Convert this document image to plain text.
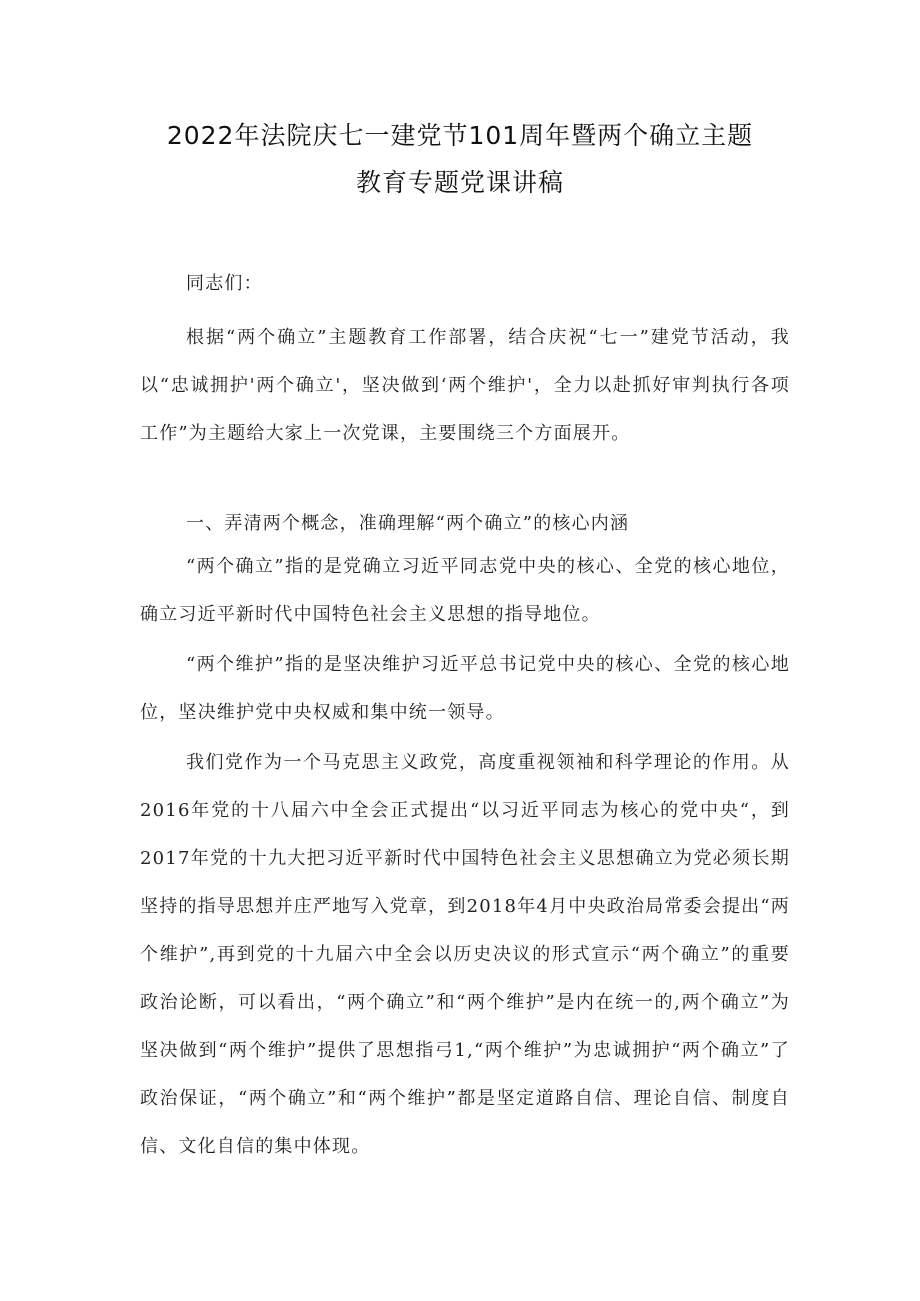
2022年法院庆七一建党节101周年暨两个确立主题
教育专题党课讲稿
同志们：
根据“两个确立”主题教育工作部署，结合庆祝“七一”建党节活动，我以“忠诚拥护'两个确立'，坚决做到‘两个维护'，全力以赴抓好审判执行各项工作”为主题给大家上一次党课，主要围绕三个方面展开。
一、弄清两个概念，准确理解“两个确立”的核心内涵
“两个确立”指的是党确立习近平同志党中央的核心、全党的核心地位，确立习近平新时代中国特色社会主义思想的指导地位。
“两个维护”指的是坚决维护习近平总书记党中央的核心、全党的核心地位，坚决维护党中央权威和集中统一领导。
我们党作为一个马克思主义政党，高度重视领袖和科学理论的作用。从2016年党的十八届六中全会正式提出“以习近平同志为核心的党中央“，到2017年党的十九大把习近平新时代中国特色社会主义思想确立为党必须长期坚持的指导思想并庄严地写入党章，到2018年4月中央政治局常委会提出“两个维护”,再到党的十九届六中全会以历史决议的形式宣示“两个确立”的重要政治论断，可以看出，“两个确立”和“两个维护”是内在统一的,两个确立”为坚决做到“两个维护”提供了思想指弓1,“两个维护”为忠诚拥护“两个确立”了政治保证，“两个确立”和“两个维护”都是坚定道路自信、理论自信、制度自信、文化自信的集中体现。
